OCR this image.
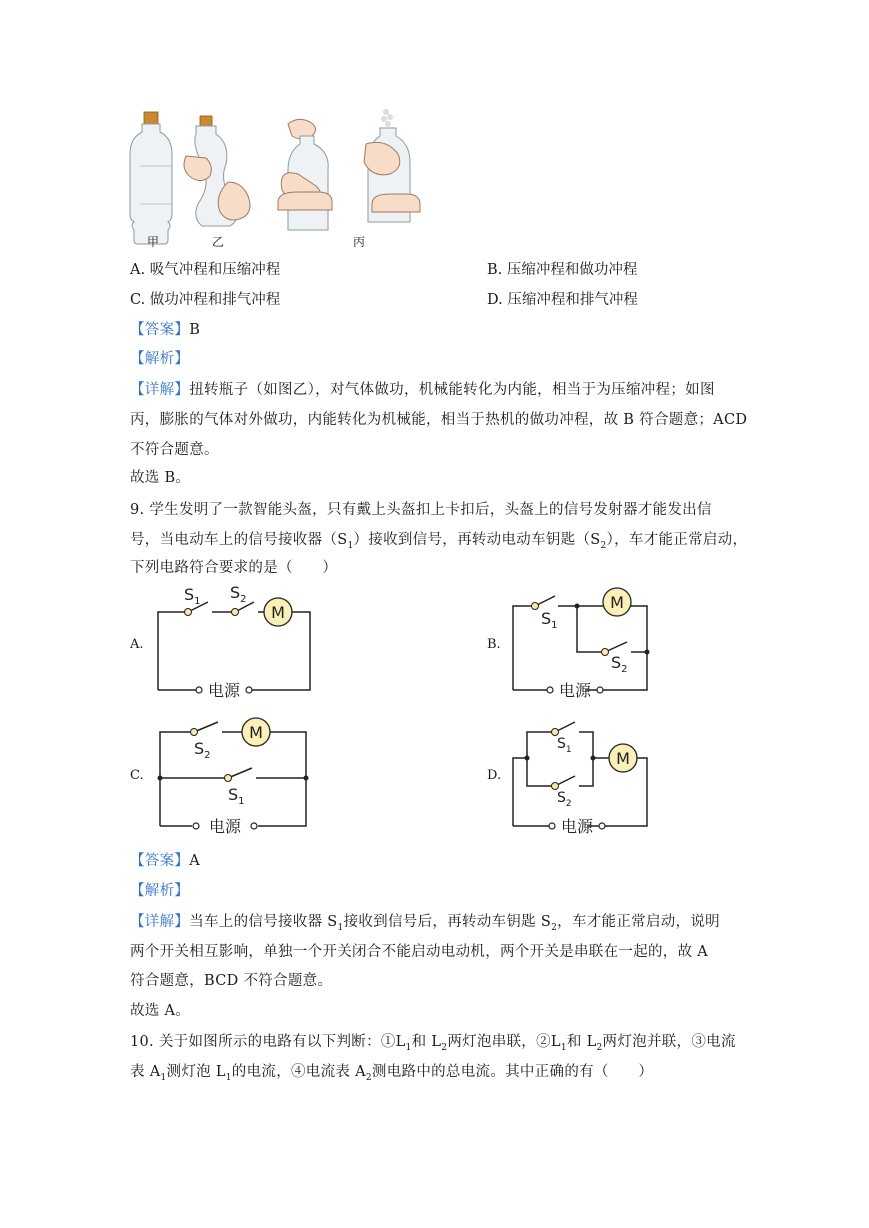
甲	乙	丙
A. 吸气冲程和压缩冲程	B. 压缩冲程和做功冲程
C. 做功冲程和排气冲程	D. 压缩冲程和排气冲程
【答案】B
【解析】
【详解】扭转瓶子（如图乙），对气体做功，机械能转化为内能，相当于为压缩冲程；如图
丙，膨胀的气体对外做功，内能转化为机械能，相当于热机的做功冲程，故 B 符合题意；ACD
不符合题意。
故选 B。
9. 学生发明了一款智能头盔，只有戴上头盔扣上卡扣后，头盔上的信号发射器才能发出信
号，当电动车上的信号接收器$(S_1)$接收到信号，再转动电动车钥匙$(S_2)$，车才能正常启动，
下列电路符合要求的是（　　）
A.
M
$S_1$ $S_2$
电源
B.
M
$S_1$
$S_2$
电源
C.
M
$S_2$
$S_1$
电源
D.
M
$S_1$
$S_2$
电源
【答案】A
【解析】
【详解】当车上的信号接收器 $S_1$接收到信号后，再转动车钥匙 $S_2$，车才能正常启动，说明
两个开关相互影响，单独一个开关闭合不能启动电动机，两个开关是串联在一起的，故 A
符合题意，BCD 不符合题意。
故选 A。
10. 关于如图所示的电路有以下判断：$①L_1$和 $L_2$两灯泡串联，$②L_1$和 $L_2$两灯泡并联，③电流
表 $A_1$测灯泡 $L_1$的电流，④电流表 $A_2$测电路中的总电流。其中正确的有（　　）
